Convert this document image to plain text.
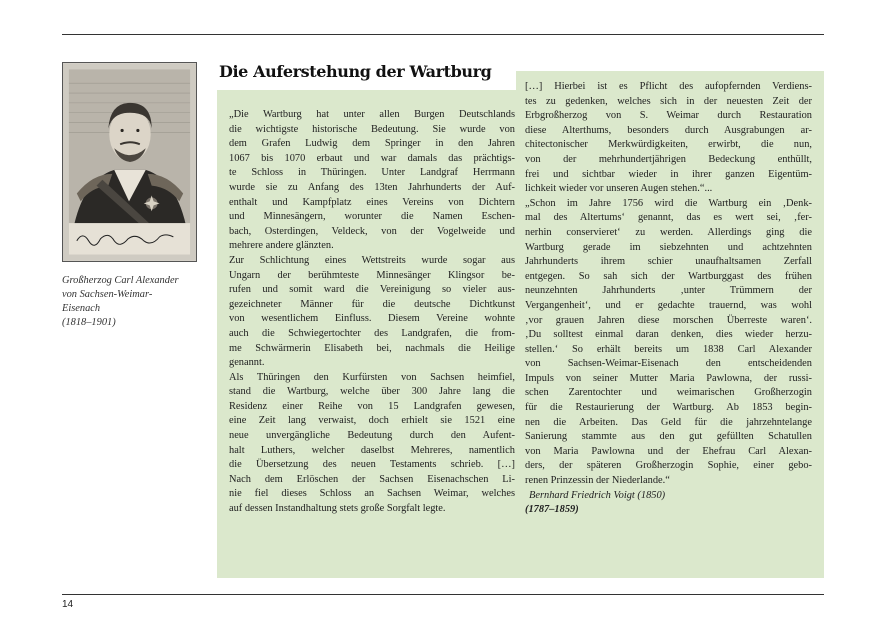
Carl Alexander
Großherzog Carl Alexander
von Sachsen-Weimar-
Eisenach
(1818–1901)
Die Auferstehung der Wartburg
„Die Wartburg hat unter allen Burgen Deutschlands
die wichtigste historische Bedeutung. Sie wurde von
dem Grafen Ludwig dem Springer in den Jahren
1067 bis 1070 erbaut und war damals das prächtigs-
te Schloss in Thüringen. Unter Landgraf Herrmann
wurde sie zu Anfang des 13ten Jahrhunderts der Auf-
enthalt und Kampfplatz eines Vereins von Dichtern
und Minnesängern, worunter die Namen Eschen-
bach, Osterdingen, Veldeck, von der Vogelweide und
mehrere andere glänzten.
Zur Schlichtung eines Wettstreits wurde sogar aus
Ungarn der berühmteste Minnesänger Klingsor be-
rufen und somit ward die Vereinigung so vieler aus-
gezeichneter Männer für die deutsche Dichtkunst
von wesentlichem Einfluss. Diesem Vereine wohnte
auch die Schwiegertochter des Landgrafen, die from-
me Schwärmerin Elisabeth bei, nachmals die Heilige
genannt.
Als Thüringen den Kurfürsten von Sachsen heimfiel,
stand die Wartburg, welche über 300 Jahre lang die
Residenz einer Reihe von 15 Landgrafen gewesen,
eine Zeit lang verwaist, doch erhielt sie 1521 eine
neue unvergängliche Bedeutung durch den Aufent-
halt Luthers, welcher daselbst Mehreres, namentlich
die Übersetzung des neuen Testaments schrieb. […]
Nach dem Erlöschen der Sachsen Eisenachschen Li-
nie fiel dieses Schloss an Sachsen Weimar, welches
auf dessen Instandhaltung stets große Sorgfalt legte.
[…] Hierbei ist es Pflicht des aufopfernden Verdiens-
tes zu gedenken, welches sich in der neuesten Zeit der
Erbgroßherzog von S. Weimar durch Restauration
diese Alterthums, besonders durch Ausgrabungen ar-
chitectonischer Merkwürdigkeiten, erwirbt, die nun,
von der mehrhundertjährigen Bedeckung enthüllt,
frei und sichtbar wieder in ihrer ganzen Eigentüm-
lichkeit wieder vor unseren Augen stehen.“...
„Schon im Jahre 1756 wird die Wartburg ein ‚Denk-
mal des Altertums‘ genannt, das es wert sei, ‚fer-
nerhin conservieret‘ zu werden. Allerdings ging die
Wartburg gerade im siebzehnten und achtzehnten
Jahrhunderts ihrem schier unaufhaltsamen Zerfall
entgegen. So sah sich der Wartburggast des frühen
neunzehnten Jahrhunderts ‚unter Trümmern der
Vergangenheit‘, und er gedachte trauernd, was wohl
‚vor grauen Jahren diese morschen Überreste waren‘.
‚Du solltest einmal daran denken, dies wieder herzu-
stellen.‘ So erhält bereits um 1838 Carl Alexander
von Sachsen-Weimar-Eisenach den entscheidenden
Impuls von seiner Mutter Maria Pawlowna, der russi-
schen Zarentochter und weimarischen Großherzogin
für die Restaurierung der Wartburg. Ab 1853 begin-
nen die Arbeiten. Das Geld für die jahrzehntelange
Sanierung stammte aus den gut gefüllten Schatullen
von Maria Pawlowna und der Ehefrau Carl Alexan-
ders, der späteren Großherzogin Sophie, einer gebo-
renen Prinzessin der Niederlande.“
Bernhard Friedrich Voigt (1850)
(1787–1859)
14
